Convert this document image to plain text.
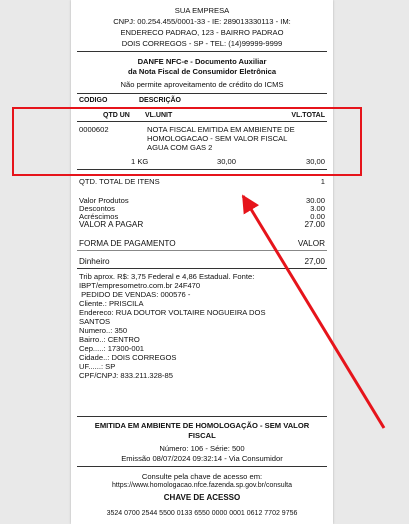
SUA EMPRESA
CNPJ: 00.254.455/0001-33 - IE: 289013330113 - IM:
ENDERECO PADRAO, 123 - BAIRRO PADRAO
DOIS CORREGOS - SP - TEL: (14)99999-9999
DANFE NFC-e - Documento Auxiliar
da Nota Fiscal de Consumidor Eletrônica
Não permite aproveitamento de crédito do ICMS
CODIGO	DESCRIÇÃO
QTD UN VL.UNIT	VL.TOTAL
0000602	NOTA FISCAL EMITIDA EM AMBIENTE DE
HOMOLOGACAO - SEM VALOR FISCAL
AGUA COM GAS 2
1 KG	30,00	30,00
QTD. TOTAL DE ITENS	1
Valor Produtos	30.00
Descontos	3.00
Acréscimos	0.00
VALOR A PAGAR	27.00
FORMA DE PAGAMENTO	VALOR
Dinheiro	27,00
Trib aprox. R$: 3,75 Federal e 4,86 Estadual. Fonte:
IBPT/empresometro.com.br 24F470
PEDIDO DE VENDAS: 000576 -
Cliente.: PRISCILA
Endereco: RUA DOUTOR VOLTAIRE NOGUEIRA DOS
SANTOS
Numero..: 350
Bairro..: CENTRO
Cep.....: 17300-001
Cidade..: DOIS CORREGOS
UF......: SP
CPF/CNPJ: 833.211.328-85
EMITIDA EM AMBIENTE DE HOMOLOGAÇÃO - SEM VALOR
FISCAL
Número: 106 - Série: 500
Emissão 08/07/2024 09:32:14 - Via Consumidor
Consulte pela chave de acesso em:
https://www.homologacao.nfce.fazenda.sp.gov.br/consulta
CHAVE DE ACESSO
3524 0700 2544 5500 0133 6550 0000 0001 0612 7702 9756
